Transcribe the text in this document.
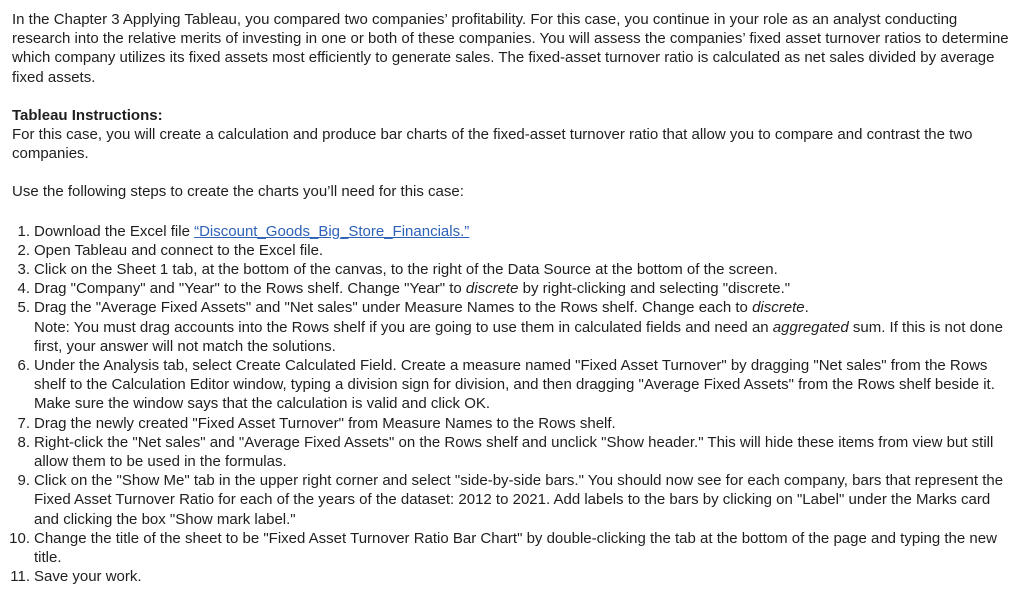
In the Chapter 3 Applying Tableau, you compared two companies’ profitability. For this case, you continue in your role as an analyst conducting research into the relative merits of investing in one or both of these companies. You will assess the companies’ fixed asset turnover ratios to determine which company utilizes its fixed assets most efficiently to generate sales. The fixed-asset turnover ratio is calculated as net sales divided by average fixed assets.

Tableau Instructions:

For this case, you will create a calculation and produce bar charts of the fixed-asset turnover ratio that allow you to compare and contrast the two companies.

Use the following steps to create the charts you’ll need for this case:

1. Download the Excel file “Discount_Goods_Big_Store_Financials.”
2. Open Tableau and connect to the Excel file.
3. Click on the Sheet 1 tab, at the bottom of the canvas, to the right of the Data Source at the bottom of the screen.
4. Drag "Company" and "Year" to the Rows shelf. Change "Year" to discrete by right-clicking and selecting "discrete."
5. Drag the "Average Fixed Assets" and "Net sales" under Measure Names to the Rows shelf. Change each to discrete.
Note: You must drag accounts into the Rows shelf if you are going to use them in calculated fields and need an aggregated sum. If this is not done first, your answer will not match the solutions.
6. Under the Analysis tab, select Create Calculated Field. Create a measure named "Fixed Asset Turnover" by dragging "Net sales" from the Rows shelf to the Calculation Editor window, typing a division sign for division, and then dragging "Average Fixed Assets" from the Rows shelf beside it. Make sure the window says that the calculation is valid and click OK.
7. Drag the newly created "Fixed Asset Turnover" from Measure Names to the Rows shelf.
8. Right-click the "Net sales" and "Average Fixed Assets" on the Rows shelf and unclick "Show header." This will hide these items from view but still allow them to be used in the formulas.
9. Click on the "Show Me" tab in the upper right corner and select "side-by-side bars." You should now see for each company, bars that represent the Fixed Asset Turnover Ratio for each of the years of the dataset: 2012 to 2021. Add labels to the bars by clicking on "Label" under the Marks card and clicking the box "Show mark label."
10. Change the title of the sheet to be "Fixed Asset Turnover Ratio Bar Chart" by double-clicking the tab at the bottom of the page and typing the new title.
11. Save your work.
